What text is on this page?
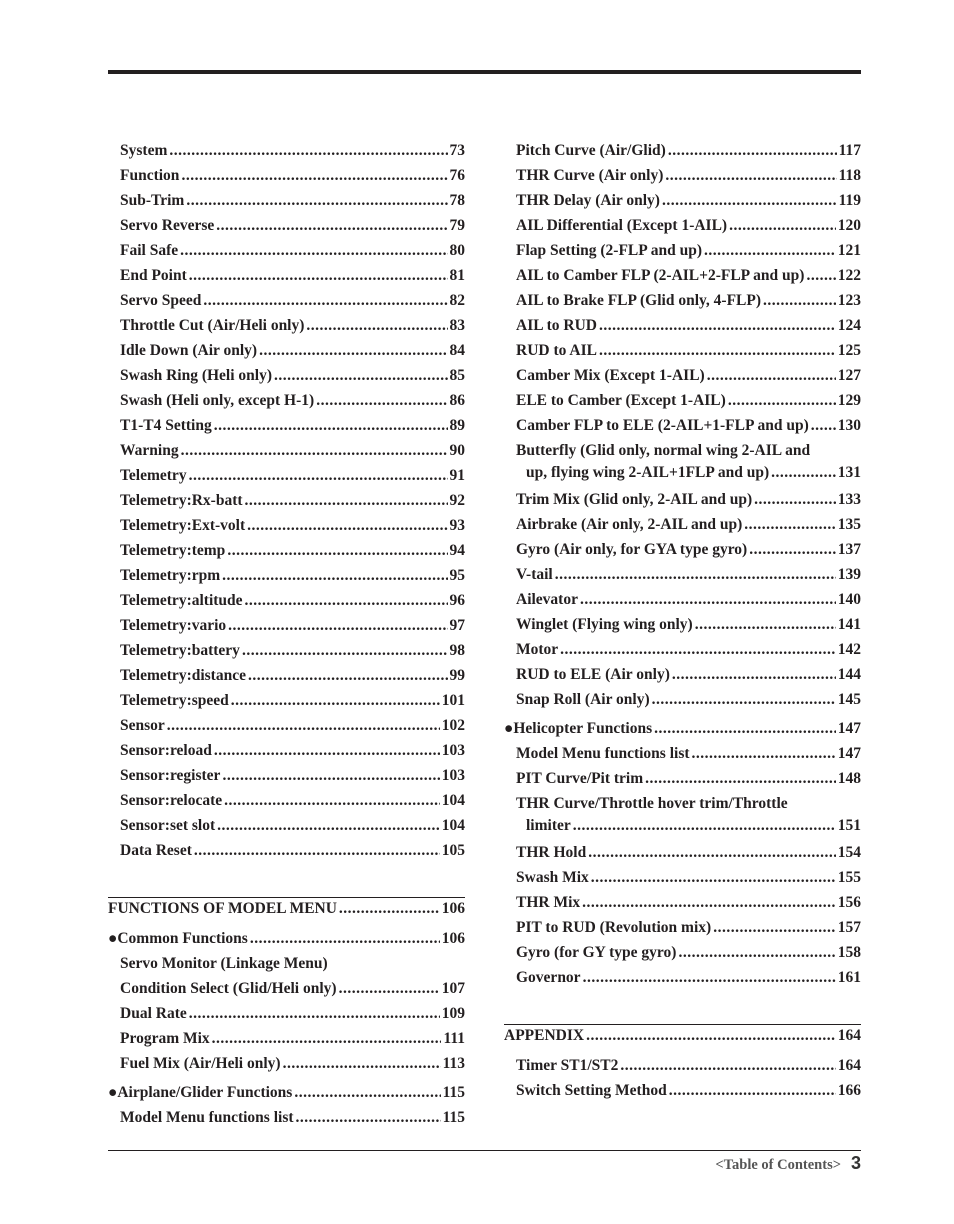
System .....	73
Function .....	76
Sub-Trim .....	78
Servo Reverse .....	79
Fail Safe .....	80
End Point .....	81
Servo Speed .....	82
Throttle Cut (Air/Heli only) .....	83
Idle Down (Air only) .....	84
Swash Ring (Heli only) .....	85
Swash (Heli only, except H-1) .....	86
T1-T4 Setting .....	89
Warning .....	90
Telemetry .....	91
Telemetry:Rx-batt .....	92
Telemetry:Ext-volt .....	93
Telemetry:temp .....	94
Telemetry:rpm .....	95
Telemetry:altitude .....	96
Telemetry:vario .....	97
Telemetry:battery .....	98
Telemetry:distance .....	99
Telemetry:speed .....	101
Sensor .....	102
Sensor:reload .....	103
Sensor:register .....	103
Sensor:relocate .....	104
Sensor:set slot .....	104
Data Reset .....	105
FUNCTIONS OF MODEL MENU .....	106
●Common Functions .....	106
Servo Monitor (Linkage Menu)
Condition Select (Glid/Heli only) .....	107
Dual Rate .....	109
Program Mix .....	111
Fuel Mix (Air/Heli only) .....	113
●Airplane/Glider Functions .....	115
Model Menu functions list .....	115
Pitch Curve (Air/Glid) .....	117
THR Curve (Air only) .....	118
THR Delay (Air only) .....	119
AIL Differential (Except 1-AIL) .....	120
Flap Setting (2-FLP and up) .....	121
AIL to Camber FLP (2-AIL+2-FLP and up) ..... 122
AIL to Brake FLP (Glid only, 4-FLP) .....	123
AIL to RUD .....	124
RUD to AIL .....	125
Camber Mix (Except 1-AIL) .....	127
ELE to Camber (Except 1-AIL) .....	129
Camber FLP to ELE (2-AIL+1-FLP and up) ..... 130
Butterfly (Glid only, normal wing 2-AIL and
up, flying wing 2-AIL+1FLP and up) .....	131
Trim Mix (Glid only, 2-AIL and up) .....	133
Airbrake (Air only, 2-AIL and up) .....	135
Gyro (Air only, for GYA type gyro) .....	137
V-tail .....	139
Ailevator .....	140
Winglet (Flying wing only) .....	141
Motor .....	142
RUD to ELE (Air only) .....	144
Snap Roll (Air only) .....	145
●Helicopter Functions .....	147
Model Menu functions list .....	147
PIT Curve/Pit trim .....	148
THR Curve/Throttle hover trim/Throttle
limiter .....	151
THR Hold .....	154
Swash Mix .....	155
THR Mix .....	156
PIT to RUD (Revolution mix) .....	157
Gyro (for GY type gyro) .....	158
Governor .....	161
APPENDIX .....	164
Timer ST1/ST2 .....	164
Switch Setting Method .....	166
<Table of Contents> 3
